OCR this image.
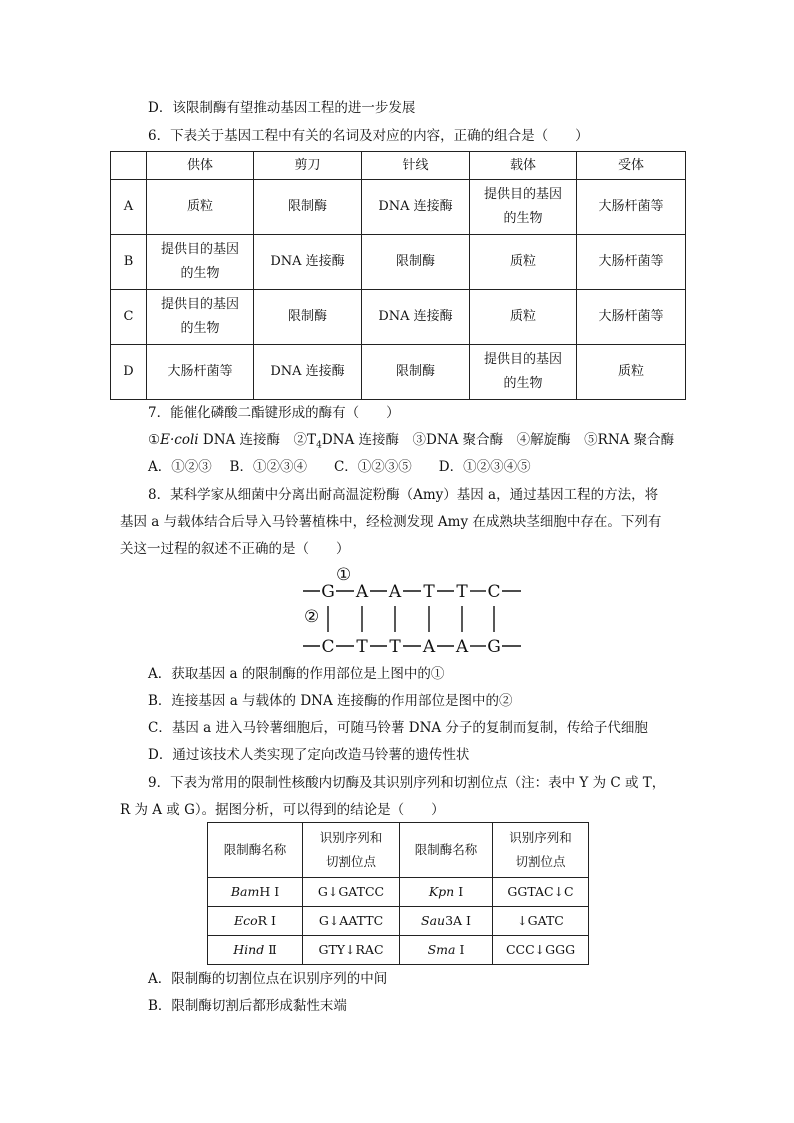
D．该限制酶有望推动基因工程的进一步发展
6．下表关于基因工程中有关的名词及对应的内容，正确的组合是（　　）
	供体	剪刀	针线	载体	受体
A	质粒	限制酶	DNA 连接酶	提供目的基因
的生物	大肠杆菌等
B	提供目的基因
的生物	DNA 连接酶	限制酶	质粒	大肠杆菌等
C	提供目的基因
的生物	限制酶	DNA 连接酶	质粒	大肠杆菌等
D	大肠杆菌等	DNA 连接酶	限制酶	提供目的基因
的生物	质粒
7．能催化磷酸二酯键形成的酶有（　　）
①E·coli DNA 连接酶　$②T_4DNA$ 连接酶　③DNA 聚合酶　④解旋酶　⑤RNA 聚合酶
A．①②③　 B．①②③④　　C．①②③⑤　　D．①②③④⑤
8．某科学家从细菌中分离出耐高温淀粉酶（Amy）基因 a，通过基因工程的方法，将
基因 a 与载体结合后导入马铃薯植株中，经检测发现 Amy 在成熟块茎细胞中存在。下列有
关这一过程的叙述不正确的是（　　）
①
②
G A A T T C
C T T A A G
A．获取基因 a 的限制酶的作用部位是上图中的①
B．连接基因 a 与载体的 DNA 连接酶的作用部位是图中的②
C．基因 a 进入马铃薯细胞后，可随马铃薯 DNA 分子的复制而复制，传给子代细胞
D．通过该技术人类实现了定向改造马铃薯的遗传性状
9．下表为常用的限制性核酸内切酶及其识别序列和切割位点（注：表中 Y 为 C 或 T，
R 为 A 或 G）。据图分析，可以得到的结论是（　　）
限制酶名称	识别序列和
切割位点	限制酶名称	识别序列和
切割位点
BamH Ⅰ	G↓GATCC	Kpn Ⅰ	GGTAC↓C
EcoR Ⅰ	G↓AATTC	Sau3A Ⅰ	↓GATC
Hind Ⅱ	GTY↓RAC	Sma Ⅰ	CCC↓GGG
A．限制酶的切割位点在识别序列的中间
B．限制酶切割后都形成黏性末端
